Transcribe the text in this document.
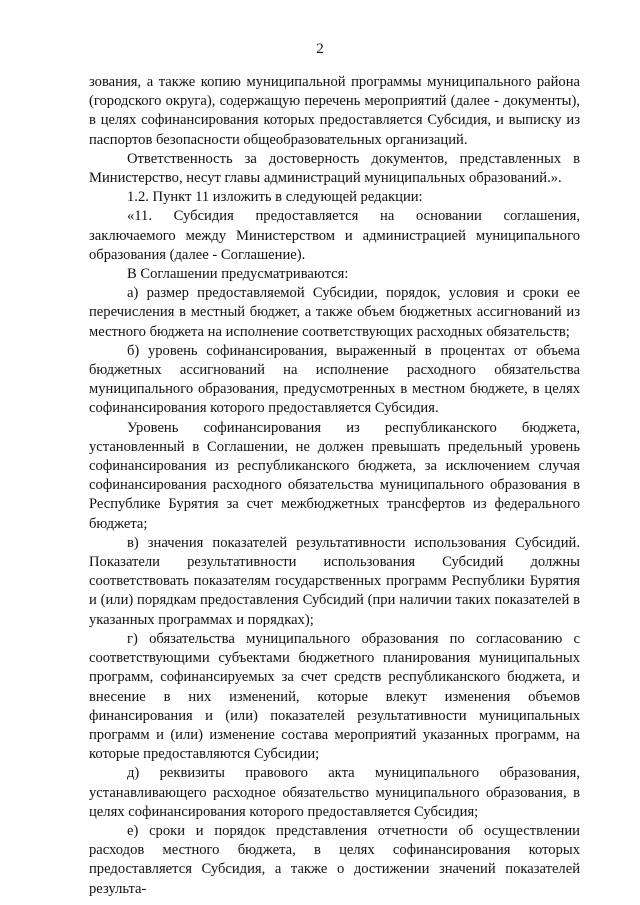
2

зования, а также копию муниципальной программы муниципального района (городского округа), содержащую перечень мероприятий (далее - документы), в целях софинансирования которых предоставляется Субсидия, и выписку из паспортов безопасности общеобразовательных организаций.

Ответственность за достоверность документов, представленных в Министерство, несут главы администраций муниципальных образований.».

1.2. Пункт 11 изложить в следующей редакции:

«11. Субсидия предоставляется на основании соглашения, заключаемого между Министерством и администрацией муниципального образования (далее - Соглашение).

В Соглашении предусматриваются:

а) размер предоставляемой Субсидии, порядок, условия и сроки ее перечисления в местный бюджет, а также объем бюджетных ассигнований из местного бюджета на исполнение соответствующих расходных обязательств;

б) уровень софинансирования, выраженный в процентах от объема бюджетных ассигнований на исполнение расходного обязательства муниципального образования, предусмотренных в местном бюджете, в целях софинансирования которого предоставляется Субсидия.

Уровень софинансирования из республиканского бюджета, установленный в Соглашении, не должен превышать предельный уровень софинансирования из республиканского бюджета, за исключением случая софинансирования расходного обязательства муниципального образования в Республике Бурятия за счет межбюджетных трансфертов из федерального бюджета;

в) значения показателей результативности использования Субсидий. Показатели результативности использования Субсидий должны соответствовать показателям государственных программ Республики Бурятия и (или) порядкам предоставления Субсидий (при наличии таких показателей в указанных программах и порядках);

г) обязательства муниципального образования по согласованию с соответствующими субъектами бюджетного планирования муниципальных программ, софинансируемых за счет средств республиканского бюджета, и внесение в них изменений, которые влекут изменения объемов финансирования и (или) показателей результативности муниципальных программ и (или) изменение состава мероприятий указанных программ, на которые предоставляются Субсидии;

д) реквизиты правового акта муниципального образования, устанавливающего расходное обязательство муниципального образования, в целях софинансирования которого предоставляется Субсидия;

е) сроки и порядок представления отчетности об осуществлении расходов местного бюджета, в целях софинансирования которых предоставляется Субсидия, а также о достижении значений показателей результа-
